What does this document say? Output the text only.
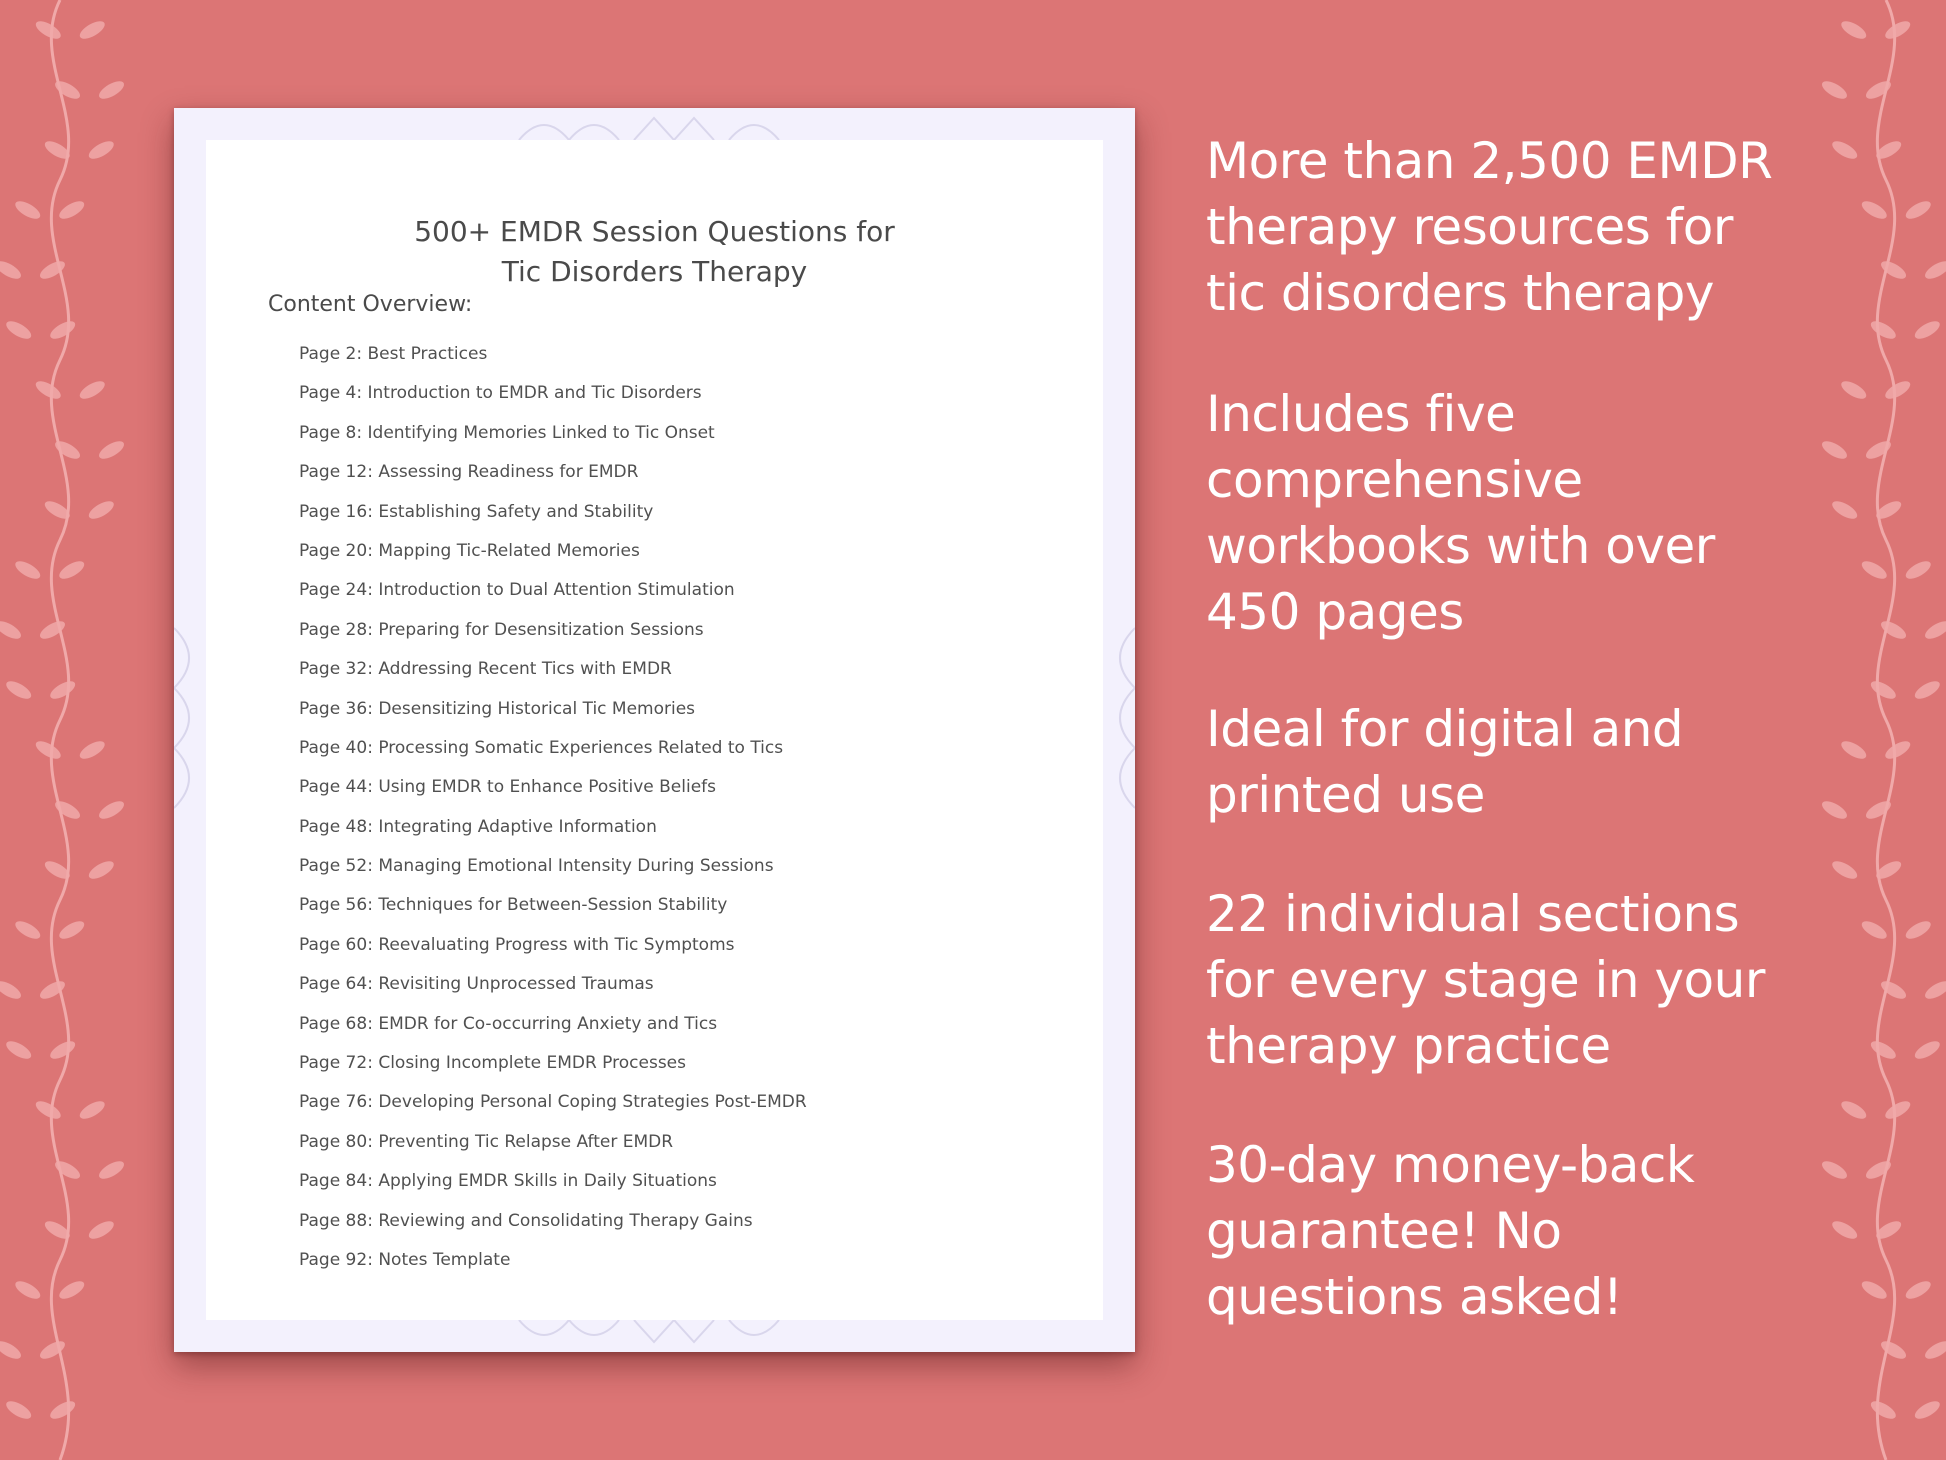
500+ EMDR Session Questions for
Tic Disorders Therapy
Content Overview:
Page 2: Best Practices
Page 4: Introduction to EMDR and Tic Disorders
Page 8: Identifying Memories Linked to Tic Onset
Page 12: Assessing Readiness for EMDR
Page 16: Establishing Safety and Stability
Page 20: Mapping Tic-Related Memories
Page 24: Introduction to Dual Attention Stimulation
Page 28: Preparing for Desensitization Sessions
Page 32: Addressing Recent Tics with EMDR
Page 36: Desensitizing Historical Tic Memories
Page 40: Processing Somatic Experiences Related to Tics
Page 44: Using EMDR to Enhance Positive Beliefs
Page 48: Integrating Adaptive Information
Page 52: Managing Emotional Intensity During Sessions
Page 56: Techniques for Between-Session Stability
Page 60: Reevaluating Progress with Tic Symptoms
Page 64: Revisiting Unprocessed Traumas
Page 68: EMDR for Co-occurring Anxiety and Tics
Page 72: Closing Incomplete EMDR Processes
Page 76: Developing Personal Coping Strategies Post-EMDR
Page 80: Preventing Tic Relapse After EMDR
Page 84: Applying EMDR Skills in Daily Situations
Page 88: Reviewing and Consolidating Therapy Gains
Page 92: Notes Template

More than 2,500 EMDR
therapy resources for
tic disorders therapy

Includes five
comprehensive
workbooks with over
450 pages

Ideal for digital and
printed use

22 individual sections
for every stage in your
therapy practice

30-day money-back
guarantee! No
questions asked!
